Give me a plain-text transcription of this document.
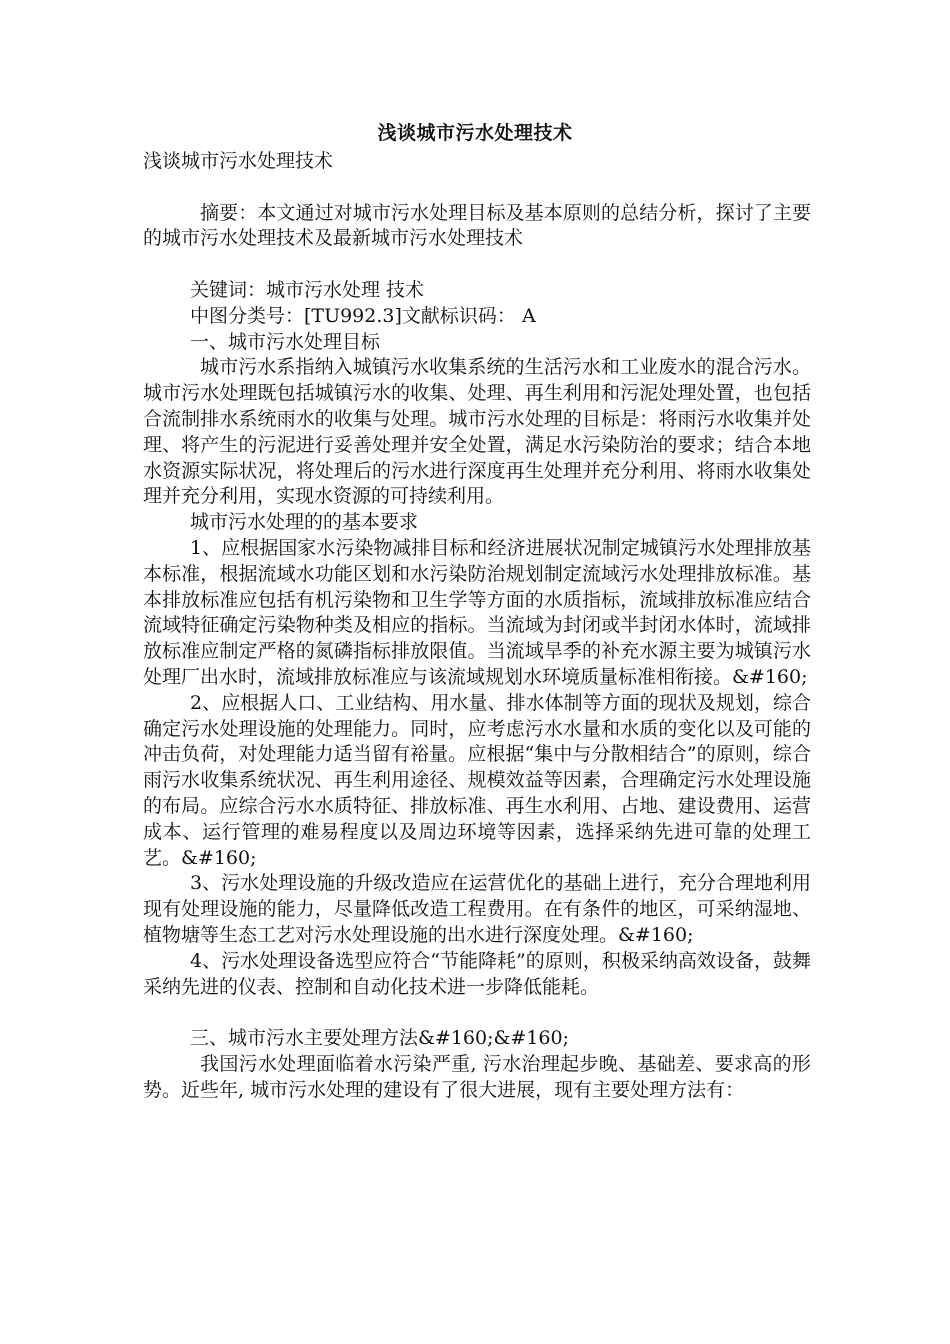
浅谈城市污水处理技术

浅谈城市污水处理技术

摘要：本文通过对城市污水处理目标及基本原则的总结分析，探讨了主要的城市污水处理技术及最新城市污水处理技术

关键词：城市污水处理 技术

中图分类号：[TU992.3]文献标识码： A

一、城市污水处理目标

城市污水系指纳入城镇污水收集系统的生活污水和工业废水的混合污水。城市污水处理既包括城镇污水的收集、处理、再生利用和污泥处理处置，也包括合流制排水系统雨水的收集与处理。城市污水处理的目标是：将雨污水收集并处理、将产生的污泥进行妥善处理并安全处置，满足水污染防治的要求；结合本地水资源实际状况，将处理后的污水进行深度再生处理并充分利用、将雨水收集处理并充分利用，实现水资源的可持续利用。

城市污水处理的的基本要求

1、应根据国家水污染物减排目标和经济进展状况制定城镇污水处理排放基本标准，根据流域水功能区划和水污染防治规划制定流域污水处理排放标准。基本排放标准应包括有机污染物和卫生学等方面的水质指标，流域排放标准应结合流域特征确定污染物种类及相应的指标。当流域为封闭或半封闭水体时，流域排放标准应制定严格的氮磷指标排放限值。当流域旱季的补充水源主要为城镇污水处理厂出水时，流域排放标准应与该流域规划水环境质量标准相衔接。&#160;

2、应根据人口、工业结构、用水量、排水体制等方面的现状及规划，综合确定污水处理设施的处理能力。同时，应考虑污水水量和水质的变化以及可能的冲击负荷，对处理能力适当留有裕量。应根据“集中与分散相结合”的原则，综合雨污水收集系统状况、再生利用途径、规模效益等因素，合理确定污水处理设施的布局。应综合污水水质特征、排放标准、再生水利用、占地、建设费用、运营成本、运行管理的难易程度以及周边环境等因素，选择采纳先进可靠的处理工艺。&#160;

3、污水处理设施的升级改造应在运营优化的基础上进行，充分合理地利用现有处理设施的能力，尽量降低改造工程费用。在有条件的地区，可采纳湿地、植物塘等生态工艺对污水处理设施的出水进行深度处理。&#160;

4、污水处理设备选型应符合“节能降耗”的原则，积极采纳高效设备，鼓舞采纳先进的仪表、控制和自动化技术进一步降低能耗。

三、城市污水主要处理方法&#160;&#160;

我国污水处理面临着水污染严重, 污水治理起步晚、基础差、要求高的形势。近些年, 城市污水处理的建设有了很大进展，现有主要处理方法有：
